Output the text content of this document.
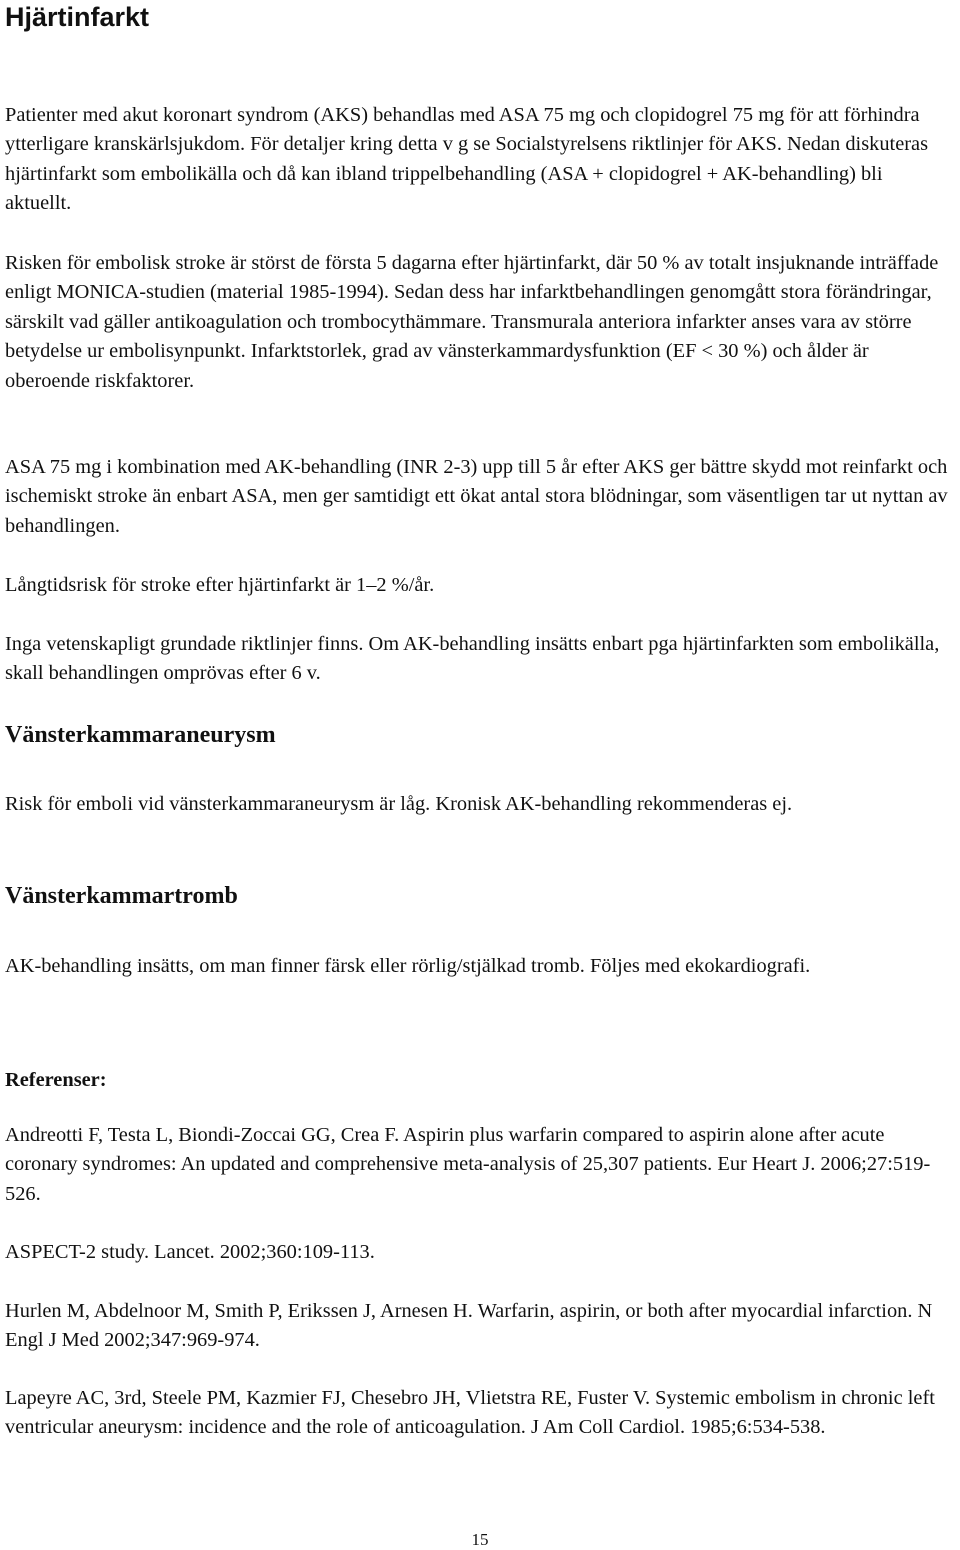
Hjärtinfarkt

Patienter med akut koronart syndrom (AKS) behandlas med ASA 75 mg och clopidogrel 75 mg för att förhindra ytterligare kranskärlsjukdom. För detaljer kring detta v g se Socialstyrelsens riktlinjer för AKS. Nedan diskuteras hjärtinfarkt som embolikälla och då kan ibland trippelbehandling (ASA + clopidogrel + AK-behandling) bli aktuellt.

Risken för embolisk stroke är störst de första 5 dagarna efter hjärtinfarkt, där 50 % av totalt insjuknande inträffade enligt MONICA-studien (material 1985-1994). Sedan dess har infarktbehandlingen genomgått stora förändringar, särskilt vad gäller antikoagulation och trombocythämmare. Transmurala anteriora infarkter anses vara av större betydelse ur embolisynpunkt. Infarktstorlek, grad av vänsterkammardysfunktion (EF < 30 %) och ålder är oberoende riskfaktorer.

ASA 75 mg i kombination med AK-behandling (INR 2-3) upp till 5 år efter AKS ger bättre skydd mot reinfarkt och ischemiskt stroke än enbart ASA, men ger samtidigt ett ökat antal stora blödningar, som väsentligen tar ut nyttan av behandlingen.

Långtidsrisk för stroke efter hjärtinfarkt är 1–2 %/år.

Inga vetenskapligt grundade riktlinjer finns. Om AK-behandling insätts enbart pga hjärtinfarkten som embolikälla, skall behandlingen omprövas efter 6 v.

Vänsterkammaraneurysm

Risk för emboli vid vänsterkammaraneurysm är låg. Kronisk AK-behandling rekommenderas ej.

Vänsterkammartromb

AK-behandling insätts, om man finner färsk eller rörlig/stjälkad tromb. Följes med ekokardiografi.

Referenser:

Andreotti F, Testa L, Biondi-Zoccai GG, Crea F. Aspirin plus warfarin compared to aspirin alone after acute coronary syndromes: An updated and comprehensive meta-analysis of 25,307 patients. Eur Heart J. 2006;27:519-526.

ASPECT-2 study. Lancet. 2002;360:109-113.

Hurlen M, Abdelnoor M, Smith P, Erikssen J, Arnesen H. Warfarin, aspirin, or both after myocardial infarction. N Engl J Med 2002;347:969-974.

Lapeyre AC, 3rd, Steele PM, Kazmier FJ, Chesebro JH, Vlietstra RE, Fuster V. Systemic embolism in chronic left ventricular aneurysm: incidence and the role of anticoagulation. J Am Coll Cardiol. 1985;6:534-538.

15
